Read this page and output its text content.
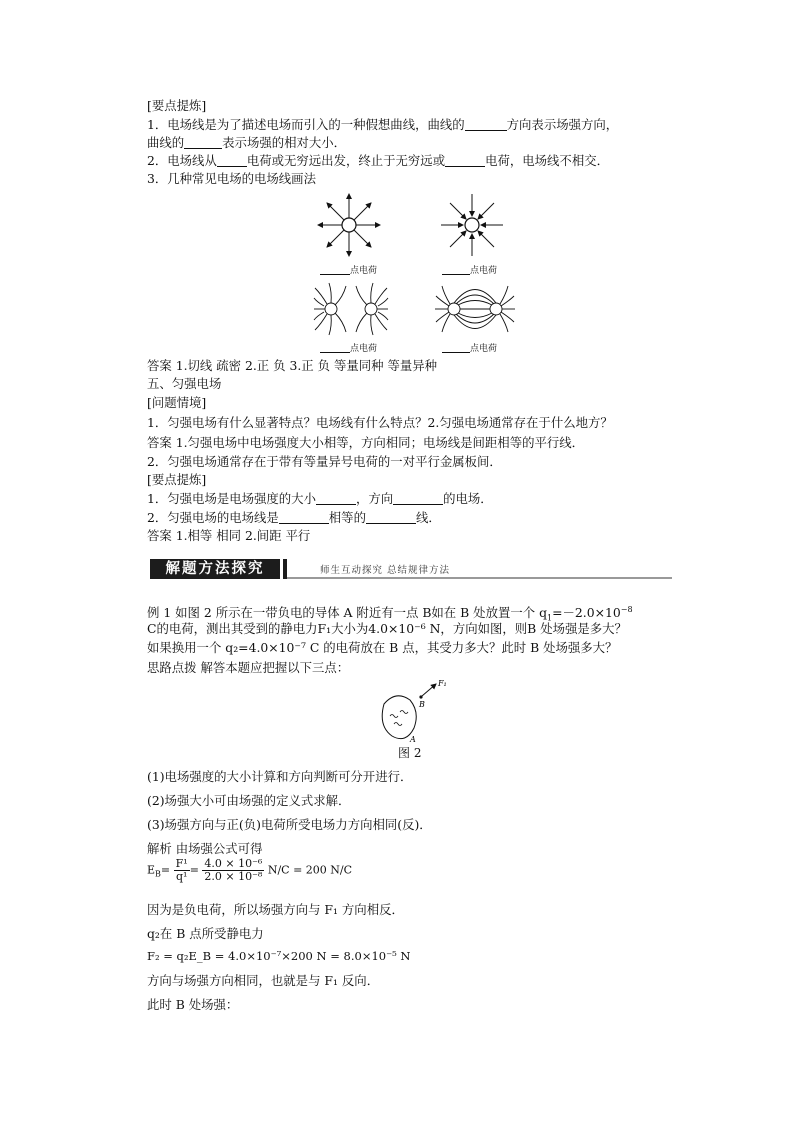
[要点提炼]
1．电场线是为了描述电场而引入的一种假想曲线，曲线的	方向表示场强方向，
曲线的	表示场强的相对大小．
2．电场线从 电荷或无穷远出发，终止于无穷远或	电荷，电场线不相交．
3．几种常见电场的电场线画法
点电荷	点电荷
点电荷	点电荷
答案 1.切线 疏密 2.正 负 3.正 负 等量同种 等量异种
五、匀强电场
[问题情境]
1．匀强电场有什么显著特点？电场线有什么特点？2.匀强电场通常存在于什么地方？
答案 1.匀强电场中电场强度大小相等，方向相同；电场线是间距相等的平行线．
2．匀强电场通常存在于带有等量异号电荷的一对平行金属板间．
[要点提炼]
1．匀强电场是电场强度的大小	，方向	的电场．
2．匀强电场的电场线是	相等的	线．
答案 1.相等 相同 2.间距 平行
解题方法探究	师生互动探究 总结规律方法
例 1 如图 2 所示在一带负电的导体 A 附近有一点 B如在 B 处放置一个 $q_1=-2.0\times 10^{-8}$
C的电荷，测出其受到的静电力F₁大小为4.0×10⁻⁶ N，方向如图，则B 处场强是多大？
如果换用一个 q₂=4.0×10⁻⁷ C 的电荷放在 B 点，其受力多大？此时 B 处场强多大？
思路点拨 解答本题应把握以下三点：
F₁
B
A
图 2
(1)电场强度的大小计算和方向判断可分开进行．
(2)场强大小可由场强的定义式求解．
(3)场强方向与正(负)电荷所受电场力方向相同(反)．
解析 由场强公式可得
$E_B= \frac{\text{F¹}}{\text{q¹}} = \frac{\text{4.0 × 10⁻⁶}}{\text{2.0 × 10⁻⁸}} N/C = 200$ N/C
因为是负电荷，所以场强方向与 F₁ 方向相反．
q₂在 B 点所受静电力
F₂ = q₂E_B = 4.0×10⁻⁷×200 N = 8.0×10⁻⁵ N
方向与场强方向相同，也就是与 F₁ 反向．
此时 B 处场强：
